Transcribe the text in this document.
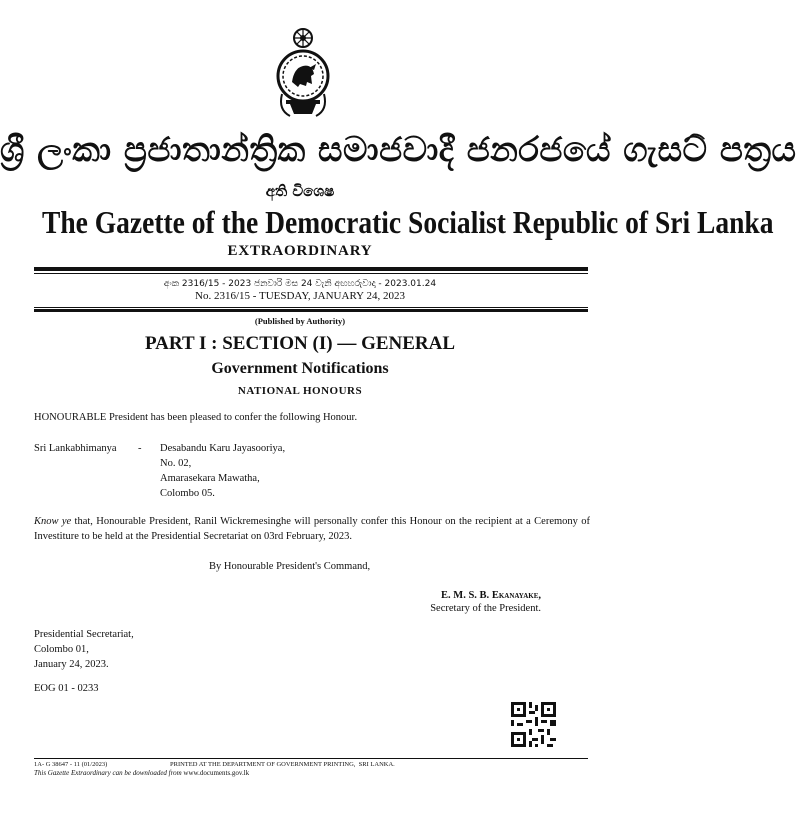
ශ්‍රී ලංකා ප්‍රජාතාන්ත්‍රික සමාජවාදී ජනරජයේ ගැසට් පත්‍රය
අති විශෙෂ
The Gazette of the Democratic Socialist Republic of Sri Lanka
EXTRAORDINARY
අංක 2316/15 - 2023 ජනවාරි මස 24 වැනි අඟහරුවාදා - 2023.01.24
No. 2316/15 - TUESDAY, JANUARY 24, 2023
(Published by Authority)
PART I : SECTION (I) — GENERAL
Government Notifications
NATIONAL HONOURS
HONOURABLE President has been pleased to confer the following Honour.
Sri Lankabhimanya - Desabandu Karu Jayasooriya,
No. 02,
Amarasekara Mawatha,
Colombo 05.
Know ye that, Honourable President, Ranil Wickremesinghe will personally confer this Honour on the recipient at a Ceremony of Investiture to be held at the Presidential Secretariat on 03rd February, 2023.
By Honourable President's Command,
E. M. S. B. Ekanayake,
Secretary of the President.
Presidential Secretariat,
Colombo 01,
January 24, 2023.
EOG 01 - 0233
1A- G 38647 - 11 (01/2023)	PRINTED AT THE DEPARTMENT OF GOVERNMENT PRINTING,  SRI LANKA.
This Gazette Extraordinary can be downloaded from www.documents.gov.lk
